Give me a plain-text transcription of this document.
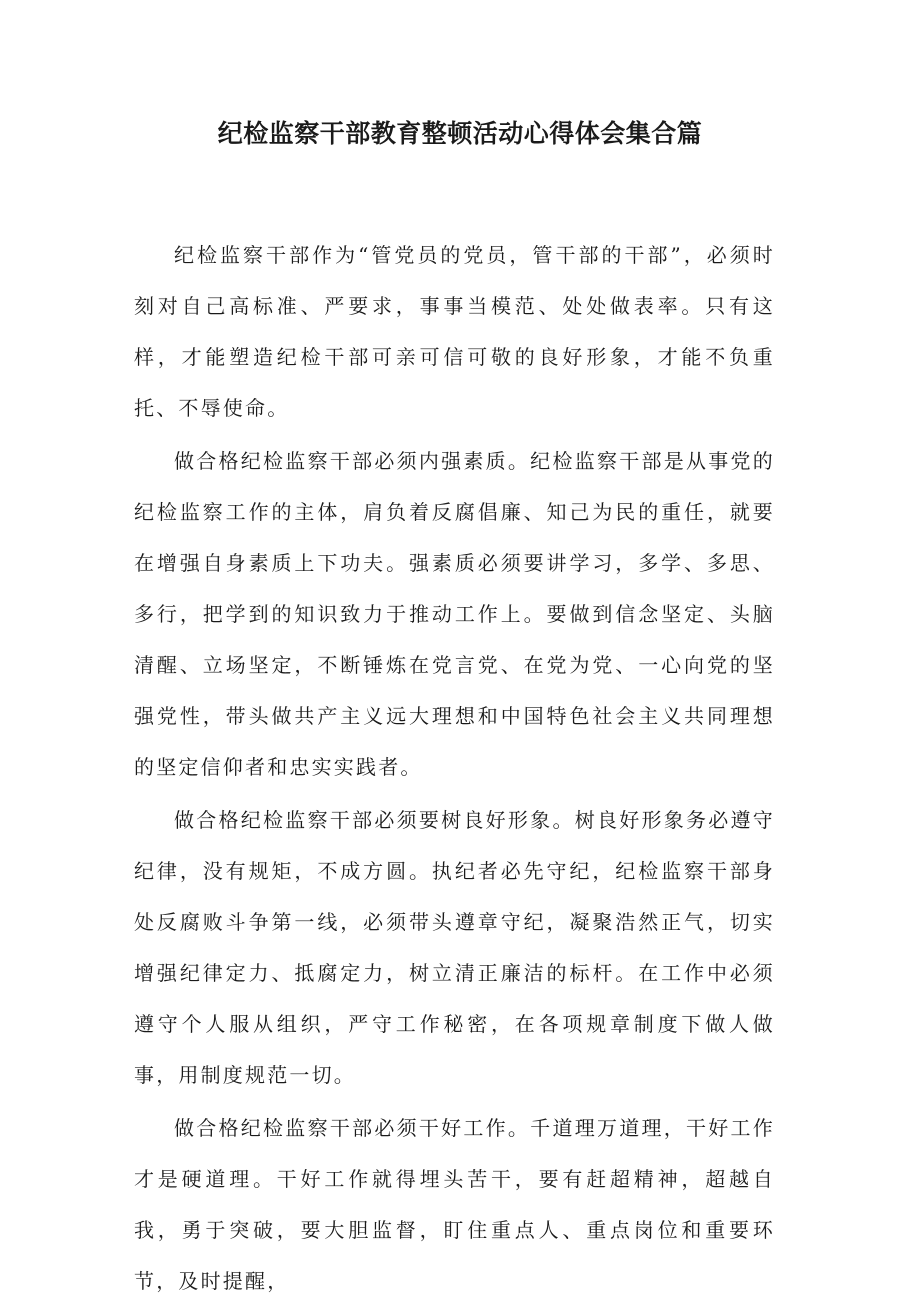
纪检监察干部教育整顿活动心得体会集合篇

纪检监察干部作为“管党员的党员，管干部的干部”，必须时刻对自己高标准、严要求，事事当模范、处处做表率。只有这样，才能塑造纪检干部可亲可信可敬的良好形象，才能不负重托、不辱使命。

做合格纪检监察干部必须内强素质。纪检监察干部是从事党的纪检监察工作的主体，肩负着反腐倡廉、知己为民的重任，就要在增强自身素质上下功夫。强素质必须要讲学习，多学、多思、多行，把学到的知识致力于推动工作上。要做到信念坚定、头脑清醒、立场坚定，不断锤炼在党言党、在党为党、一心向党的坚强党性，带头做共产主义远大理想和中国特色社会主义共同理想的坚定信仰者和忠实实践者。

做合格纪检监察干部必须要树良好形象。树良好形象务必遵守纪律，没有规矩，不成方圆。执纪者必先守纪，纪检监察干部身处反腐败斗争第一线，必须带头遵章守纪，凝聚浩然正气，切实增强纪律定力、抵腐定力，树立清正廉洁的标杆。在工作中必须遵守个人服从组织，严守工作秘密，在各项规章制度下做人做事，用制度规范一切。

做合格纪检监察干部必须干好工作。千道理万道理，干好工作才是硬道理。干好工作就得埋头苦干，要有赶超精神，超越自我，勇于突破，要大胆监督，盯住重点人、重点岗位和重要环节，及时提醒，
